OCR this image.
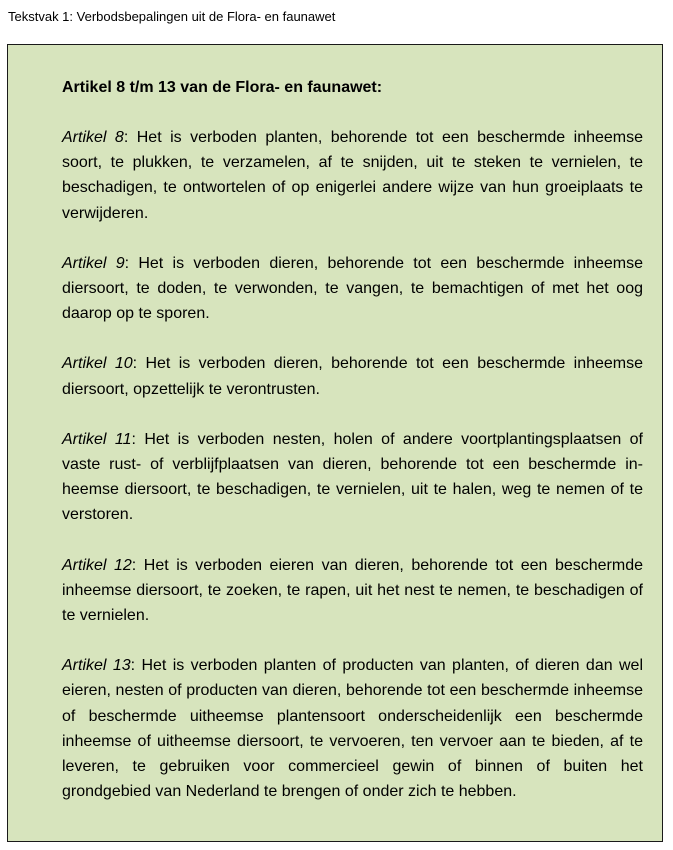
Tekstvak 1: Verbodsbepalingen uit de Flora- en faunawet

Artikel 8 t/m 13 van de Flora- en faunawet:

Artikel 8: Het is verboden planten, behorende tot een beschermde inheemse soort, te plukken, te verzamelen, af te snijden, uit te steken te vernielen, te beschadigen, te ontwortelen of op enigerlei andere wijze van hun groeiplaats te verwijderen.

Artikel 9: Het is verboden dieren, behorende tot een beschermde inheemse diersoort, te doden, te verwonden, te vangen, te bemachtigen of met het oog daarop op te sporen.

Artikel 10: Het is verboden dieren, behorende tot een beschermde inheemse diersoort, opzettelijk te verontrusten.

Artikel 11: Het is verboden nesten, holen of andere voortplantingsplaatsen of vaste rust- of verblijfplaatsen van dieren, behorende tot een beschermde inheemse diersoort, te beschadigen, te vernielen, uit te halen, weg te nemen of te verstoren.

Artikel 12: Het is verboden eieren van dieren, behorende tot een beschermde inheemse diersoort, te zoeken, te rapen, uit het nest te nemen, te beschadigen of te vernielen.

Artikel 13: Het is verboden planten of producten van planten, of dieren dan wel eieren, nesten of producten van dieren, behorende tot een beschermde inheemse of beschermde uitheemse plantensoort onderscheidenlijk een beschermde inheemse of uitheemse diersoort, te vervoeren, ten vervoer aan te bieden, af te leveren, te gebruiken voor commercieel gewin of binnen of buiten het grondgebied van Nederland te brengen of onder zich te hebben.
